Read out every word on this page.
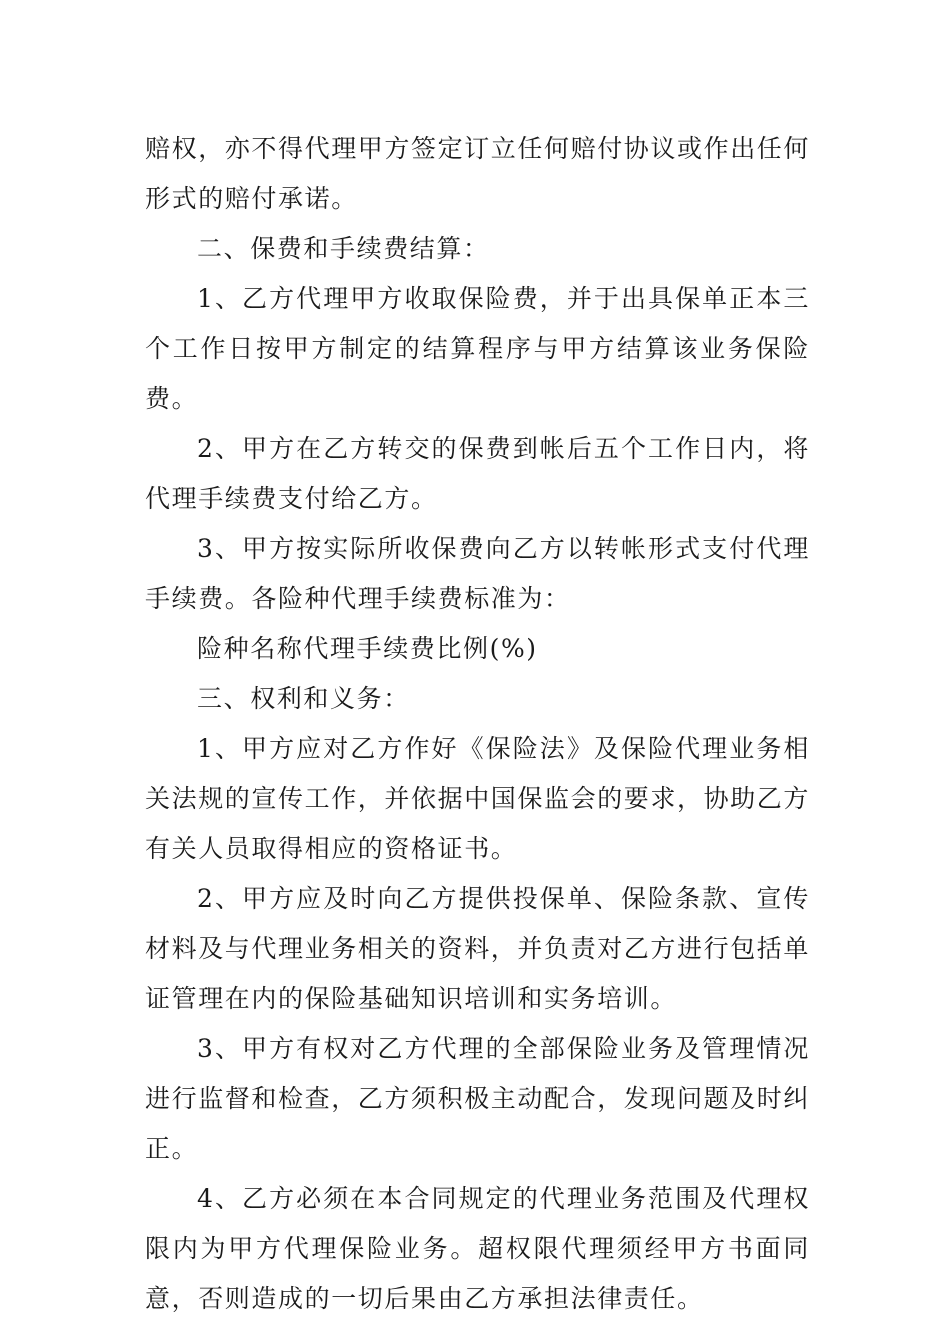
赔权，亦不得代理甲方签定订立任何赔付协议或作出任何形式的赔付承诺。

二、保费和手续费结算：

1、乙方代理甲方收取保险费，并于出具保单正本三个工作日按甲方制定的结算程序与甲方结算该业务保险费。

2、甲方在乙方转交的保费到帐后五个工作日内，将代理手续费支付给乙方。

3、甲方按实际所收保费向乙方以转帐形式支付代理手续费。各险种代理手续费标准为：

险种名称代理手续费比例(%)

三、权利和义务：

1、甲方应对乙方作好《保险法》及保险代理业务相关法规的宣传工作，并依据中国保监会的要求，协助乙方有关人员取得相应的资格证书。

2、甲方应及时向乙方提供投保单、保险条款、宣传材料及与代理业务相关的资料，并负责对乙方进行包括单证管理在内的保险基础知识培训和实务培训。

3、甲方有权对乙方代理的全部保险业务及管理情况进行监督和检查，乙方须积极主动配合，发现问题及时纠正。

4、乙方必须在本合同规定的代理业务范围及代理权限内为甲方代理保险业务。超权限代理须经甲方书面同意，否则造成的一切后果由乙方承担法律责任。
